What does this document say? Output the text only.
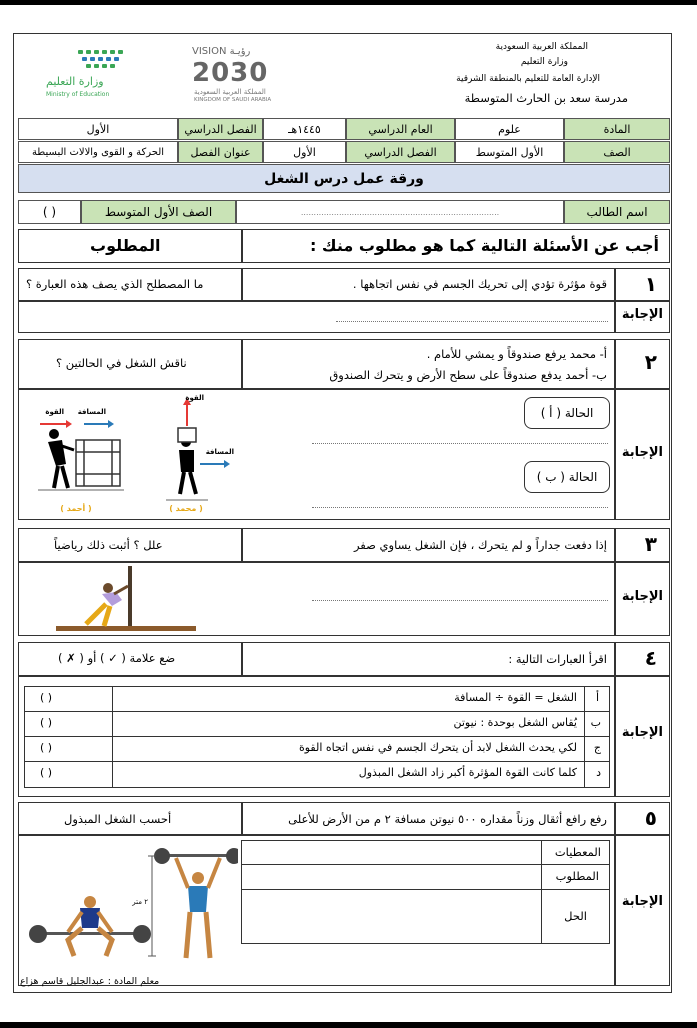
المملكة العربية السعودية
وزارة التعليم
الإدارة العامة للتعليم بالمنطقة الشرقية
مدرسة سعد بن الحارث المتوسطة
VISION رؤيـة
2030
المملكة العربية السعودية
KINGDOM OF SAUDI ARABIA
وزارة التعليم
Ministry of Education
المادة
علوم
العام الدراسي
١٤٤٥هـ
الفصل الدراسي
الأول
الصف
الأول المتوسط
الفصل الدراسي
الأول
عنوان الفصل
الحركة و القوى والالات البسيطة
ورقة عمل درس الشغل
اسم الطالب
..............................................................................
الصف الأول المتوسط
( )
أجب عن الأسئلة التالية كما هو مطلوب منك :
المطلوب
١
قوة مؤثرة تؤدي إلى تحريك الجسم في نفس اتجاهها .
ما المصطلح الذي يصف هذه العبارة ؟
الإجابة
٢
أ- محمد يرفع صندوقاً و يمشي للأمام .
ب- أحمد يدفع صندوقاً على سطح الأرض و يتحرك الصندوق
ناقش الشغل في الحالتين ؟
الإجابة
الحالة ( أ )
الحالة ( ب )
القوة المسافة
القوة
المسافة
( أحمد )	( محمد )
٣
إذا دفعت جداراً و لم يتحرك ، فإن الشغل يساوي صفر
علل ؟ أثبت ذلك رياضياً
الإجابة
٤
اقرأ العبارات التالية :
ضع علامة ( ✓ ) أو ( ✗ )
الإجابة
أ
الشغل = القوة ÷ المسافة
( )
ب
يُقاس الشغل بوحدة : نيوتن
( )
ج
لكي يحدث الشغل لابد أن يتحرك الجسم في نفس اتجاه القوة
( )
د
كلما كانت القوة المؤثرة أكبر زاد الشغل المبذول
( )
٥
رفع رافع أثقال وزناً مقداره ٥٠٠ نيوتن مسافة ٢ م من الأرض للأعلى
أحسب الشغل المبذول
الإجابة
المعطيات
المطلوب
الحل
٢ متر
معلم المادة : عبدالجليل قاسم هزاع
